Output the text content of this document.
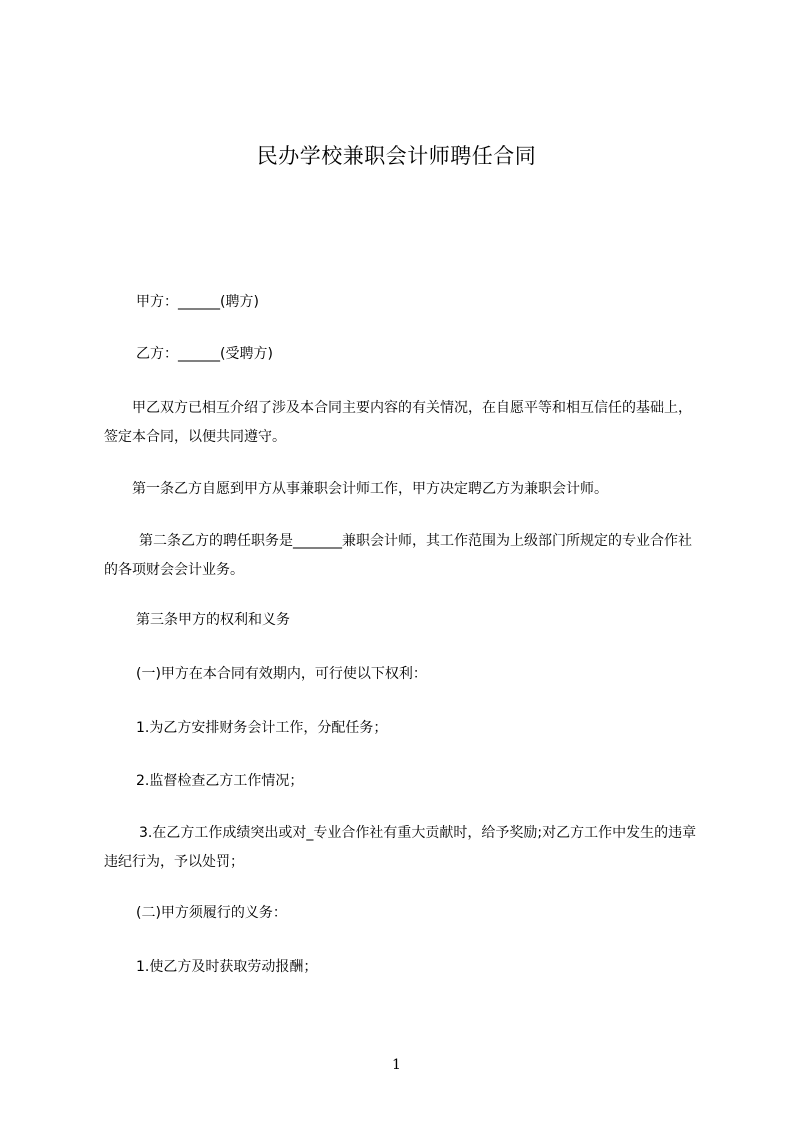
民办学校兼职会计师聘任合同
甲方：______(聘方)
乙方：______(受聘方)
甲乙双方已相互介绍了涉及本合同主要内容的有关情况，在自愿平等和相互信任的基础上，签定本合同，以便共同遵守。
第一条乙方自愿到甲方从事兼职会计师工作，甲方决定聘乙方为兼职会计师。
第二条乙方的聘任职务是_______兼职会计师，其工作范围为上级部门所规定的专业合作社的各项财会会计业务。
第三条甲方的权利和义务
(一)甲方在本合同有效期内，可行使以下权利：
1.为乙方安排财务会计工作，分配任务；
2.监督检查乙方工作情况；
3.在乙方工作成绩突出或对_专业合作社有重大贡献时，给予奖励;对乙方工作中发生的违章违纪行为，予以处罚；
(二)甲方须履行的义务：
1.使乙方及时获取劳动报酬；
1
